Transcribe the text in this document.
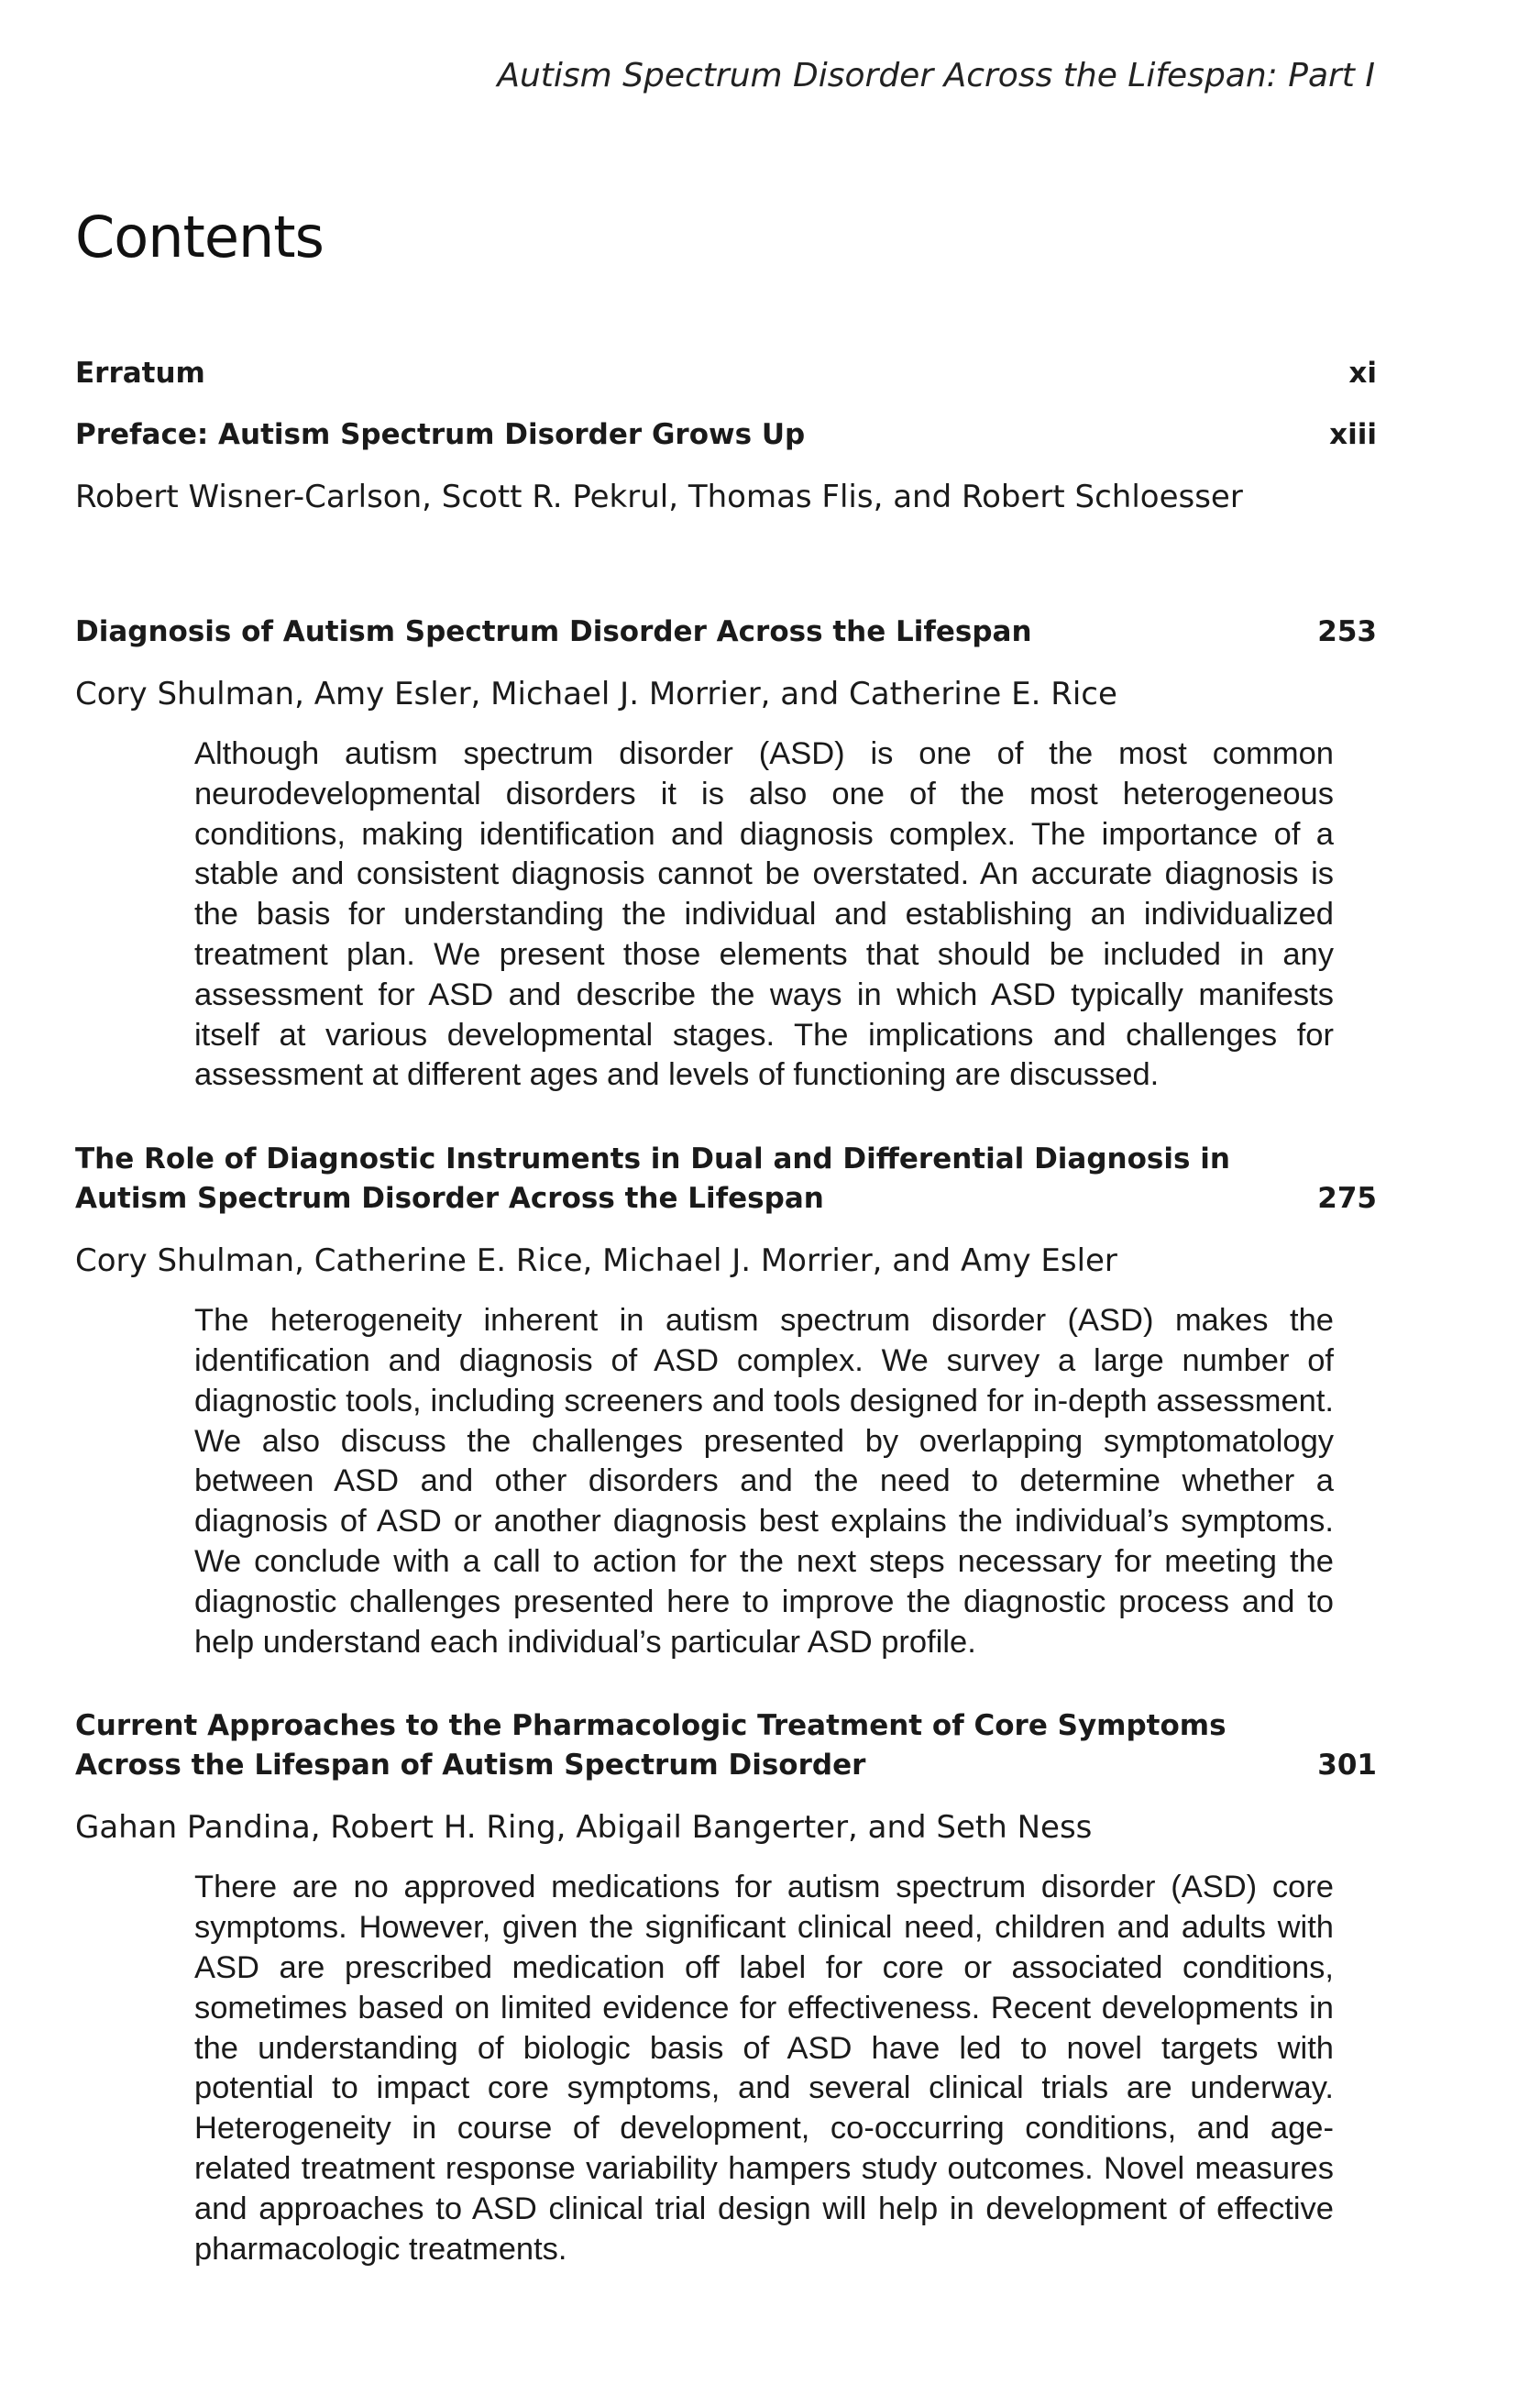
Autism Spectrum Disorder Across the Lifespan: Part I
Contents
Erratum	xi
Preface: Autism Spectrum Disorder Grows Up	xiii
Robert Wisner-Carlson, Scott R. Pekrul, Thomas Flis, and Robert Schloesser
Diagnosis of Autism Spectrum Disorder Across the Lifespan	253
Cory Shulman, Amy Esler, Michael J. Morrier, and Catherine E. Rice
Although autism spectrum disorder (ASD) is one of the most common neurodevelopmental disorders it is also one of the most heterogeneous conditions, making identification and diagnosis complex. The importance of a stable and consistent diagnosis cannot be overstated. An accurate diagnosis is the basis for understanding the individual and establishing an individualized treatment plan. We present those elements that should be included in any assessment for ASD and describe the ways in which ASD typically manifests itself at various developmental stages. The implications and challenges for assessment at different ages and levels of functioning are discussed.
The Role of Diagnostic Instruments in Dual and Differential Diagnosis in Autism Spectrum Disorder Across the Lifespan	275
Cory Shulman, Catherine E. Rice, Michael J. Morrier, and Amy Esler
The heterogeneity inherent in autism spectrum disorder (ASD) makes the identification and diagnosis of ASD complex. We survey a large number of diagnostic tools, including screeners and tools designed for in-depth assessment. We also discuss the challenges presented by overlapping symptomatology between ASD and other disorders and the need to determine whether a diagnosis of ASD or another diagnosis best explains the individual’s symptoms. We conclude with a call to action for the next steps necessary for meeting the diagnostic challenges presented here to improve the diagnostic process and to help understand each individual’s particular ASD profile.
Current Approaches to the Pharmacologic Treatment of Core Symptoms Across the Lifespan of Autism Spectrum Disorder	301
Gahan Pandina, Robert H. Ring, Abigail Bangerter, and Seth Ness
There are no approved medications for autism spectrum disorder (ASD) core symptoms. However, given the significant clinical need, children and adults with ASD are prescribed medication off label for core or associated conditions, sometimes based on limited evidence for effectiveness. Recent developments in the understanding of biologic basis of ASD have led to novel targets with potential to impact core symptoms, and several clinical trials are underway. Heterogeneity in course of development, co-occurring conditions, and age-related treatment response variability hampers study outcomes. Novel measures and approaches to ASD clinical trial design will help in development of effective pharmacologic treatments.
